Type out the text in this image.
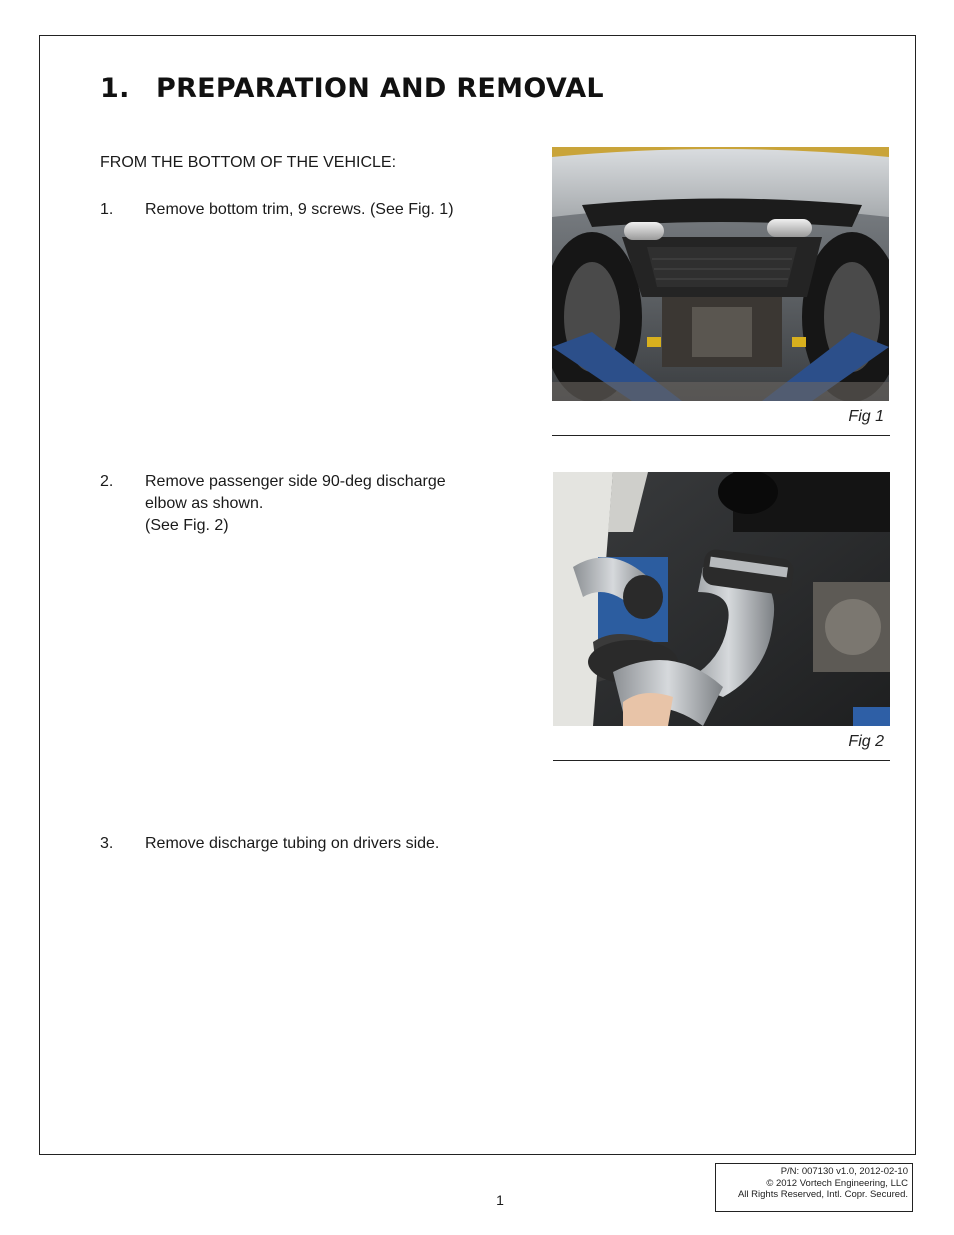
1. PREPARATION AND REMOVAL
FROM THE BOTTOM OF THE VEHICLE:
1.	Remove bottom trim, 9 screws. (See Fig. 1)
2.	Remove passenger side 90-deg discharge
elbow as shown.
(See Fig. 2)
3.	Remove discharge tubing on drivers side.
Fig 1
Fig 2
1
P/N: 007130 v1.0, 2012-02-10
© 2012 Vortech Engineering, LLC
All Rights Reserved, Intl. Copr. Secured.
